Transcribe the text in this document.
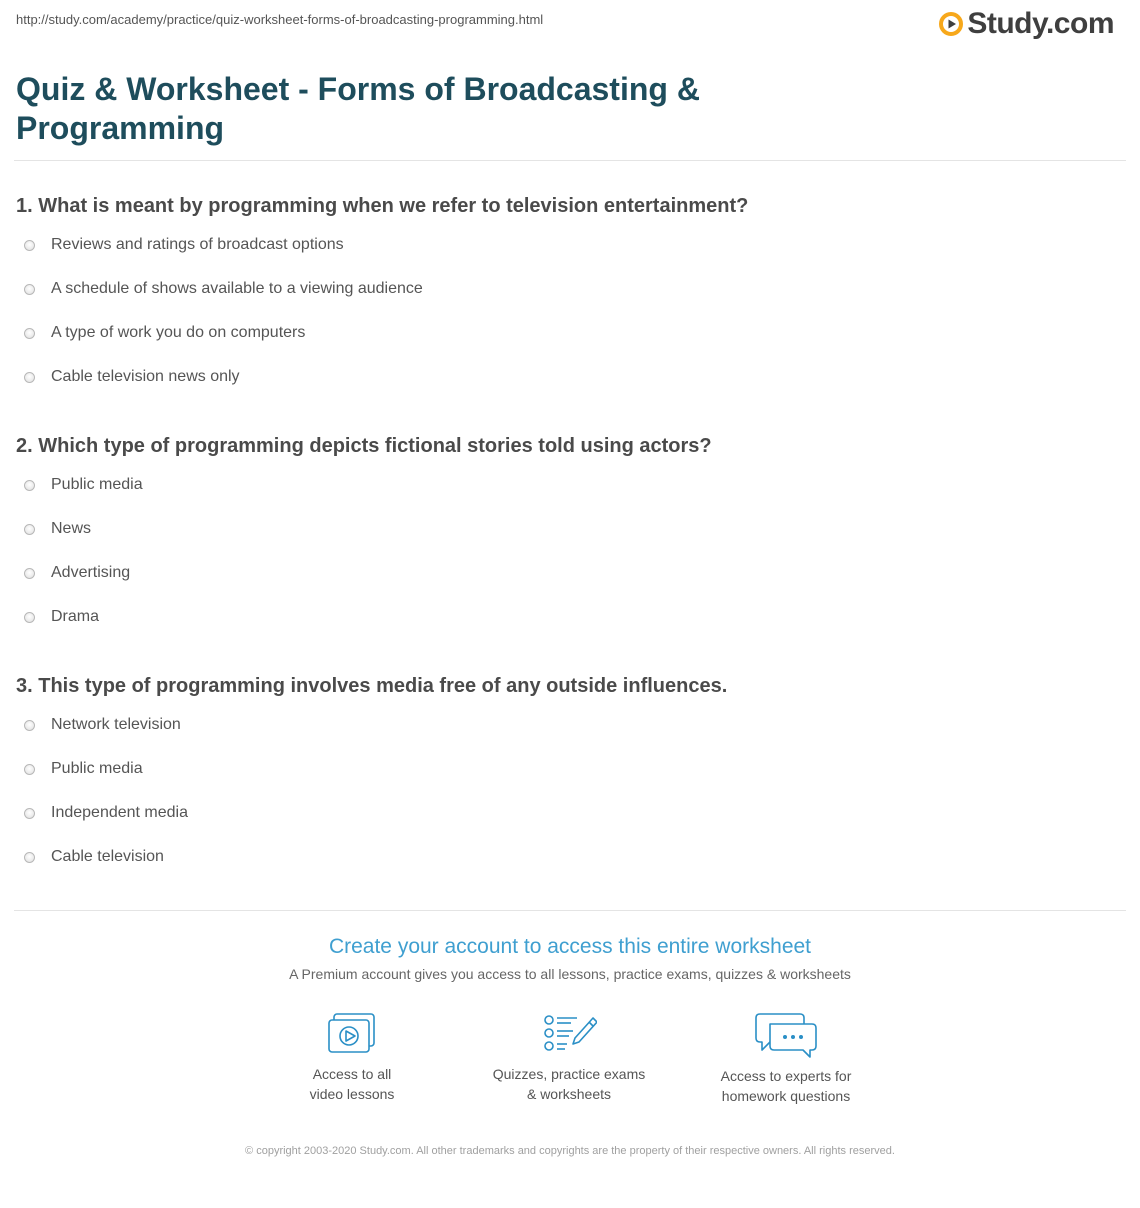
http://study.com/academy/practice/quiz-worksheet-forms-of-broadcasting-programming.html	Study.com
Quiz & Worksheet - Forms of Broadcasting & Programming

1. What is meant by programming when we refer to television entertainment?

Reviews and ratings of broadcast options
A schedule of shows available to a viewing audience
A type of work you do on computers
Cable television news only

2. Which type of programming depicts fictional stories told using actors?

Public media
News
Advertising
Drama

3. This type of programming involves media free of any outside influences.

Network television
Public media
Independent media
Cable television
Create your account to access this entire worksheet
A Premium account gives you access to all lessons, practice exams, quizzes & worksheets
Access to all
video lessons
Quizzes, practice exams
& worksheets
Access to experts for
homework questions
© copyright 2003-2020 Study.com. All other trademarks and copyrights are the property of their respective owners. All rights reserved.
